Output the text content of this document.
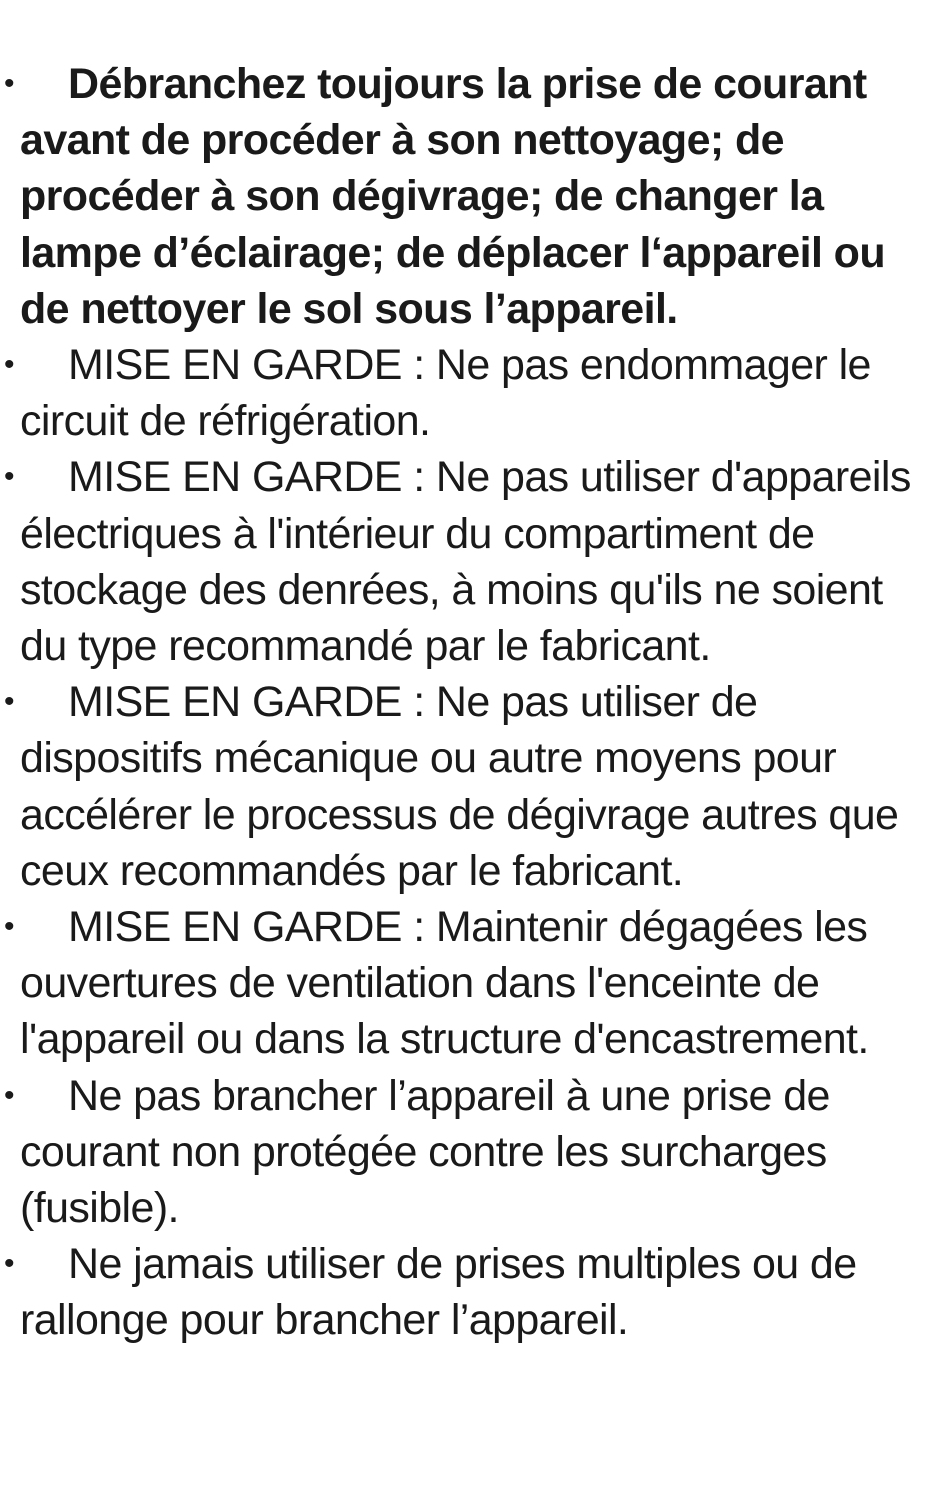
•	Débranchez toujours la prise de courant avant de procéder à son nettoyage; de procéder à son dégivrage; de changer la lampe d’éclairage; de déplacer l‘appareil ou de nettoyer le sol sous l’appareil.
•	MISE EN GARDE : Ne pas endommager le circuit de réfrigération.
•	MISE EN GARDE : Ne pas utiliser d'appareils électriques à l'intérieur du compartiment de stockage des denrées, à moins qu'ils ne soient du type recommandé par le fabricant.
•	MISE EN GARDE : Ne pas utiliser de dispositifs mécanique ou autre moyens pour accélérer le processus de dégivrage autres que ceux recommandés par le fabricant.
•	MISE EN GARDE : Maintenir dégagées les ouvertures de ventilation dans l'enceinte de l'appareil ou dans la structure d'encastrement.
•	Ne pas brancher l’appareil à une prise de courant non protégée contre les surcharges (fusible).
•	Ne jamais utiliser de prises multiples ou de rallonge pour brancher l’appareil.
